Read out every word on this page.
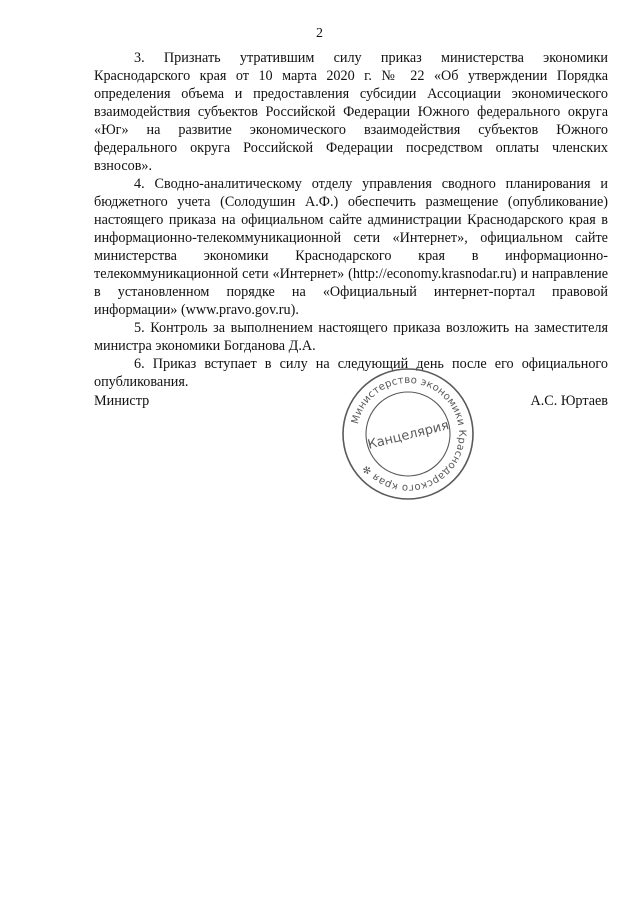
2

3. Признать утратившим силу приказ министерства экономики Краснодарского края от 10 марта 2020 г. № 22 «Об утверждении Порядка определения объема и предоставления субсидии Ассоциации экономического взаимодействия субъектов Российской Федерации Южного федерального округа «Юг» на развитие экономического взаимодействия субъектов Южного федерального округа Российской Федерации посредством оплаты членских взносов».

4. Сводно-аналитическому отделу управления сводного планирования и бюджетного учета (Солодушин А.Ф.) обеспечить размещение (опубликование) настоящего приказа на официальном сайте администрации Краснодарского края в информационно-телекоммуникационной сети «Интернет», официальном сайте министерства экономики Краснодарского края в информационно-телекоммуникационной сети «Интернет» (http://economy.krasnodar.ru) и направление в установленном порядке на «Официальный интернет-портал правовой информации» (www.pravo.gov.ru).

5. Контроль за выполнением настоящего приказа возложить на заместителя министра экономики Богданова Д.А.

6. Приказ вступает в силу на следующий день после его официального опубликования.

Министр	А.С. Юртаев
Министерство экономики Краснодарского края ✻
Канцелярия
